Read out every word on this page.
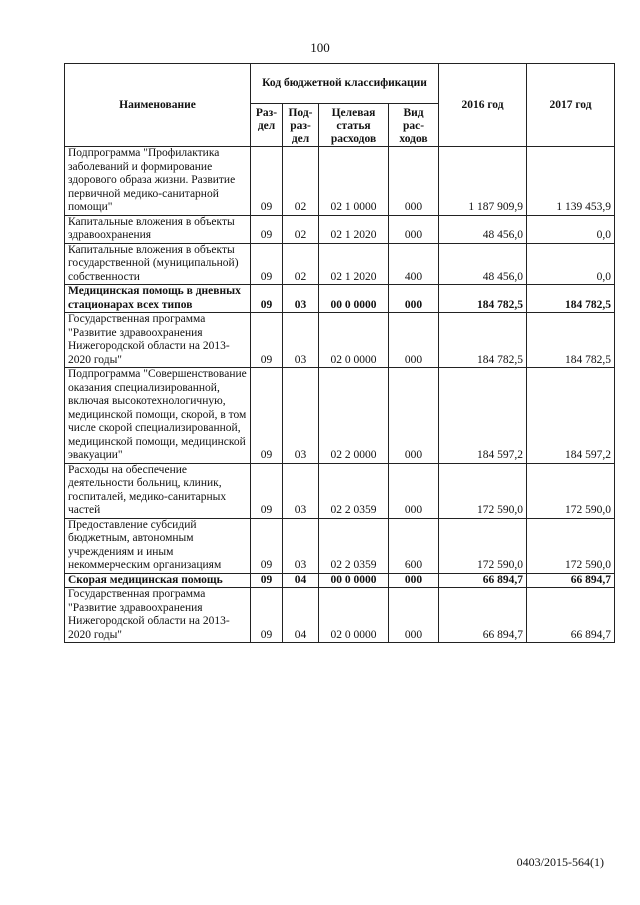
100
Наименование	Код бюджетной классификации				2016 год	2017 год
	Раз-дел	Под-раз-дел	Целевая статья расходов	Вид рас-ходов		
Подпрограмма "Профилактика заболеваний и формирование здорового образа жизни. Развитие первичной медико-санитарной помощи"	09	02	02 1 0000	000	1 187 909,9	1 139 453,9
Капитальные вложения в объекты здравоохранения	09	02	02 1 2020	000	48 456,0	0,0
Капитальные вложения в объекты государственной (муниципальной) собственности	09	02	02 1 2020	400	48 456,0	0,0
Медицинская помощь в дневных стационарах всех типов	09	03	00 0 0000	000	184 782,5	184 782,5
Государственная программа "Развитие здравоохранения Нижегородской области на 2013-2020 годы"	09	03	02 0 0000	000	184 782,5	184 782,5
Подпрограмма "Совершенствование оказания специализированной, включая высокотехнологичную, медицинской помощи, скорой, в том числе скорой специализированной, медицинской помощи, медицинской эвакуации"	09	03	02 2 0000	000	184 597,2	184 597,2
Расходы на обеспечение деятельности больниц, клиник, госпиталей, медико-санитарных частей	09	03	02 2 0359	000	172 590,0	172 590,0
Предоставление субсидий бюджетным, автономным учреждениям и иным некоммерческим организациям	09	03	02 2 0359	600	172 590,0	172 590,0
Скорая медицинская помощь	09	04	00 0 0000	000	66 894,7	66 894,7
Государственная программа "Развитие здравоохранения Нижегородской области на 2013-2020 годы"	09	04	02 0 0000	000	66 894,7	66 894,7
0403/2015-564(1)
